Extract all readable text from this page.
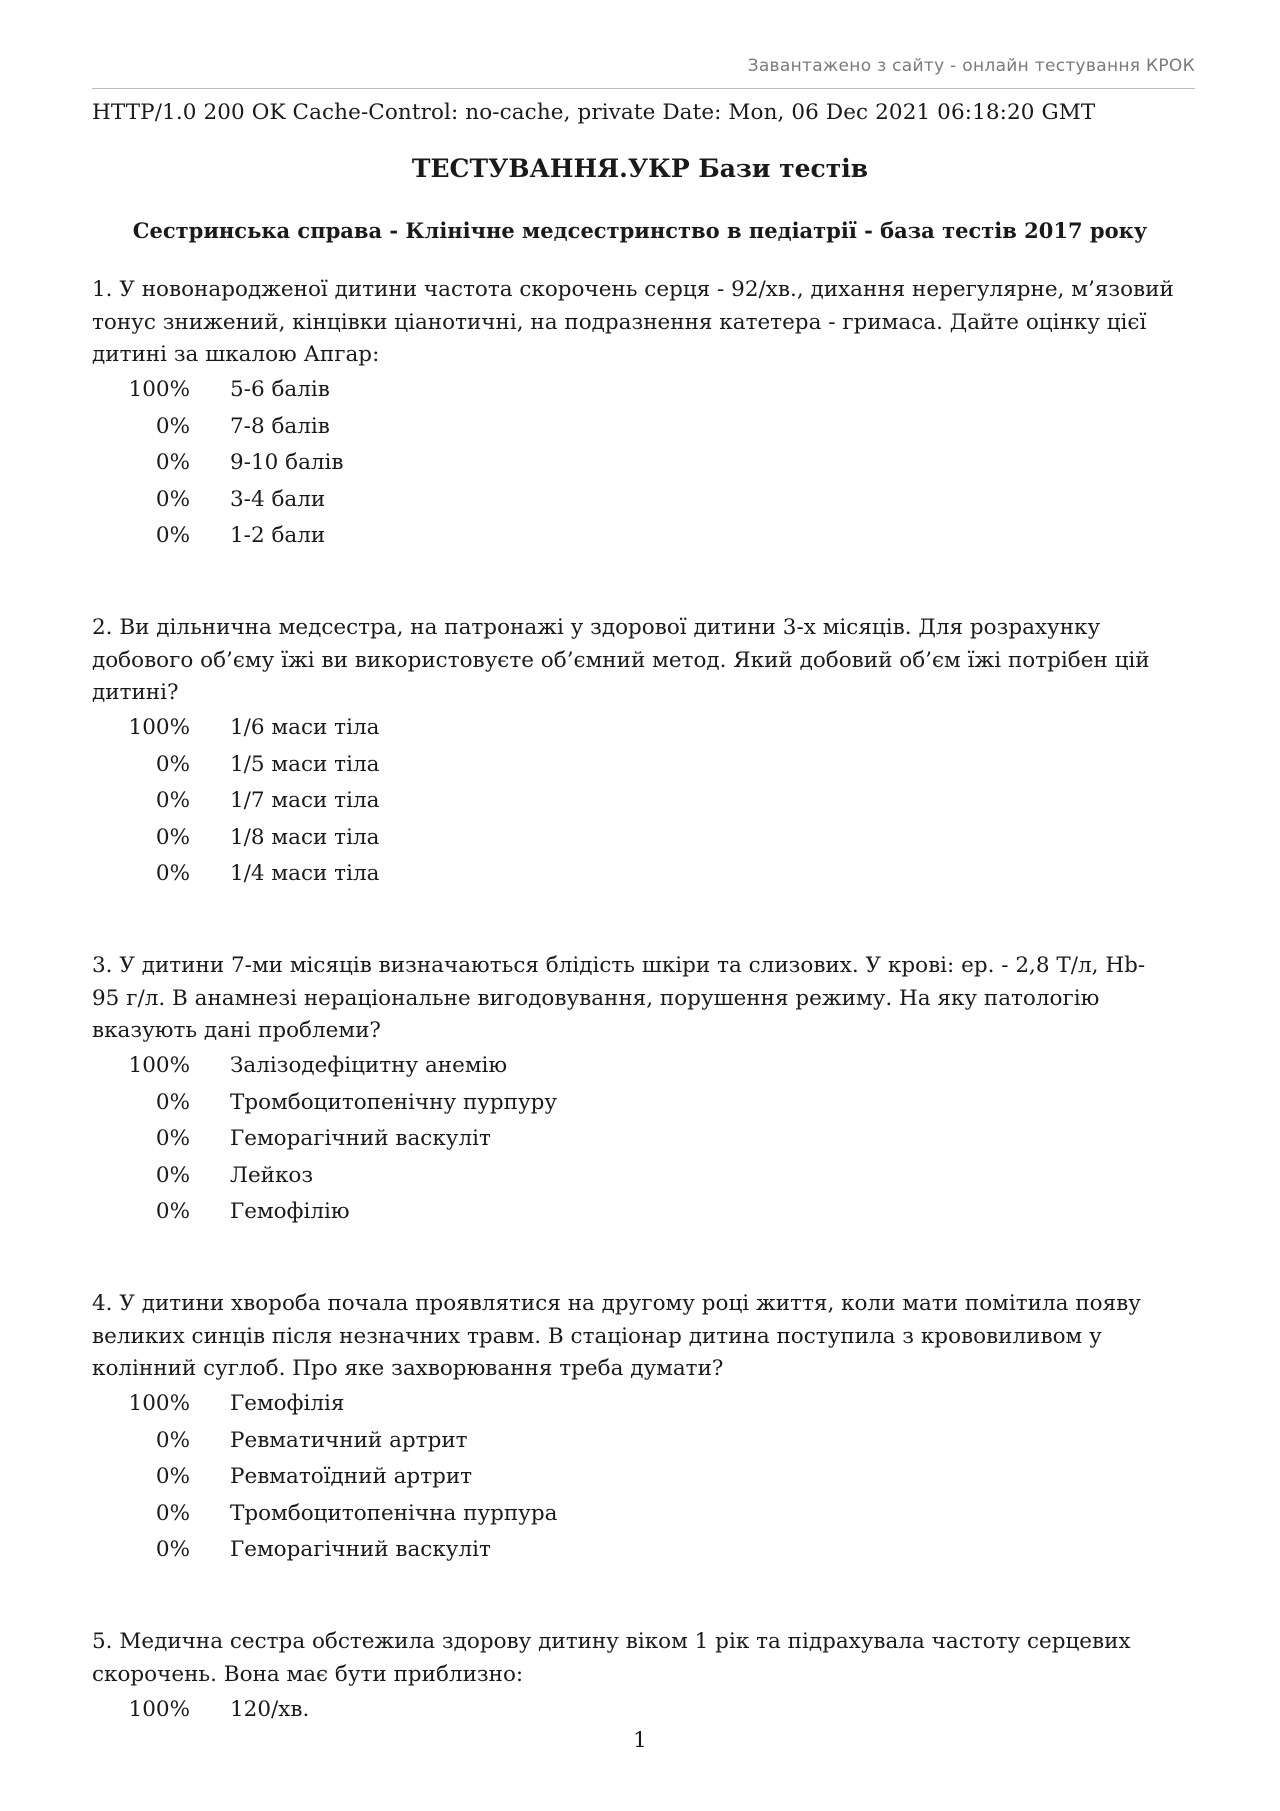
Завантажено з сайту - онлайн тестування КРОК
HTTP/1.0 200 OK Cache-Control: no-cache, private Date: Mon, 06 Dec 2021 06:18:20 GMT
ТЕСТУВАННЯ.УКР Бази тестів
Сестринська справа - Клінічне медсестринство в педіатрії - база тестів 2017 року
1. У новонародженої дитини частота скорочень серця - 92/хв., дихання нерегулярне, м’язовий тонус знижений, кінцівки ціанотичні, на подразнення катетера - гримаса. Дайте оцінку цієї дитині за шкалою Апгар:
100% 5-6 балів
0% 7-8 балів
0% 9-10 балів
0% 3-4 бали
0% 1-2 бали
2. Ви дільнична медсестра, на патронажі у здорової дитини 3-х місяців. Для розрахунку добового об’єму їжі ви використовуєте об’ємний метод. Який добовий об’єм їжі потрібен цій дитині?
100% 1/6 маси тіла
0% 1/5 маси тіла
0% 1/7 маси тіла
0% 1/8 маси тіла
0% 1/4 маси тіла
3. У дитини 7-ми місяців визначаються блідість шкіри та слизових. У крові: ер. - 2,8 Т/л, Hb- 95 г/л. В анамнезі нераціональне вигодовування, порушення режиму. На яку патологію вказують дані проблеми?
100% Залізодефіцитну анемію
0% Тромбоцитопенічну пурпуру
0% Геморагічний васкуліт
0% Лейкоз
0% Гемофілію
4. У дитини хвороба почала проявлятися на другому році життя, коли мати помітила появу великих синців після незначних травм. В стаціонар дитина поступила з крововиливом у колінний суглоб. Про яке захворювання треба думати?
100% Гемофілія
0% Ревматичний артрит
0% Ревматоїдний артрит
0% Тромбоцитопенічна пурпура
0% Геморагічний васкуліт
5. Медична сестра обстежила здорову дитину віком 1 рік та підрахувала частоту серцевих скорочень. Вона має бути приблизно:
100% 120/хв.
1
